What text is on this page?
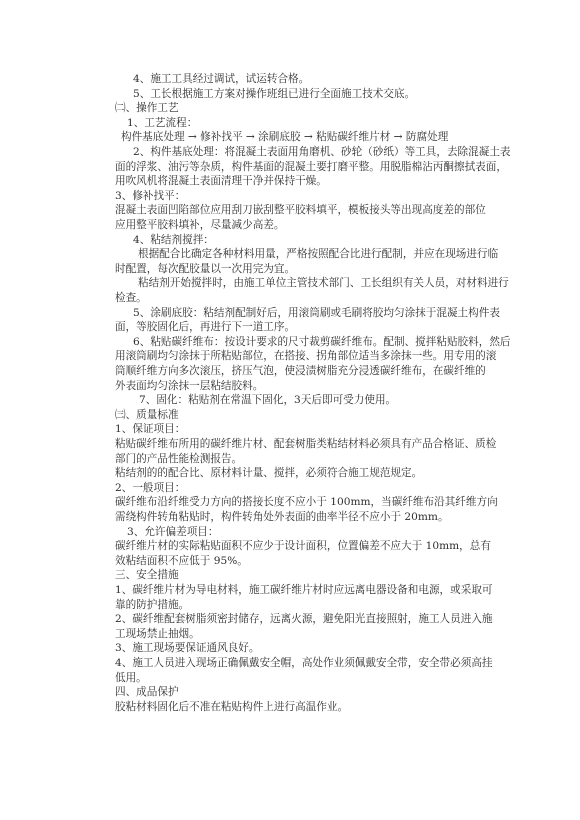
4、施工工具经过调试，试运转合格。
5、工长根据施工方案对操作班组已进行全面施工技术交底。
㈡、操作工艺
1、工艺流程：
构件基底处理 → 修补找平 → 涂刷底胶 → 粘贴碳纤维片材 → 防腐处理
2、构件基底处理：将混凝土表面用角磨机、砂轮（砂纸）等工具，去除混凝土表
面的浮浆、油污等杂质，构件基面的混凝土要打磨平整。用脱脂棉沾丙酮擦拭表面，
用吹风机将混凝土表面清理干净并保持干燥。
3、修补找平：
混凝土表面凹陷部位应用刮刀嵌刮整平胶料填平，模板接头等出现高度差的部位
应用整平胶料填补，尽量减少高差。
4、粘结剂搅拌：
根据配合比确定各种材料用量，严格按照配合比进行配制，并应在现场进行临
时配置，每次配胶量以一次用完为宜。
粘结剂开始搅拌时，由施工单位主管技术部门、工长组织有关人员，对材料进行
检查。
5、涂刷底胶：粘结剂配制好后，用滚筒刷或毛刷将胶均匀涂抹于混凝土构件表
面，等胶固化后，再进行下一道工序。
6、粘贴碳纤维布：按设计要求的尺寸裁剪碳纤维布。配制、搅拌粘贴胶料，然后
用滚筒刷均匀涂抹于所粘贴部位，在搭接、拐角部位适当多涂抹一些。用专用的滚
筒顺纤维方向多次滚压，挤压气泡，使浸渍树脂充分浸透碳纤维布，在碳纤维的
外表面均匀涂抹一层粘结胶料。
7、固化：粘贴剂在常温下固化，3天后即可受力使用。
㈢、质量标准
1、保证项目：
粘贴碳纤维布所用的碳纤维片材、配套树脂类粘结材料必须具有产品合格证、质检
部门的产品性能检测报告。
粘结剂的的配合比、原材料计量、搅拌，必须符合施工规范规定。
2、一般项目：
碳纤维布沿纤维受力方向的搭接长度不应小于 100mm，当碳纤维布沿其纤维方向
需绕构件转角粘贴时，构件转角处外表面的曲率半径不应小于 20mm。
3、允许偏差项目：
碳纤维片材的实际粘贴面积不应少于设计面积，位置偏差不应大于 10mm，总有
效粘结面积不应低于 95%。
三、安全措施
1、碳纤维片材为导电材料，施工碳纤维片材时应远离电器设备和电源，或采取可
靠的防护措施。
2、碳纤维配套树脂须密封储存，远离火源，避免阳光直接照射，施工人员进入施
工现场禁止抽烟。
3、施工现场要保证通风良好。
4、施工人员进入现场正确佩戴安全帽，高处作业须佩戴安全带，安全带必须高挂
低用。
四、成品保护
胶粘材料固化后不准在粘贴构件上进行高温作业。
